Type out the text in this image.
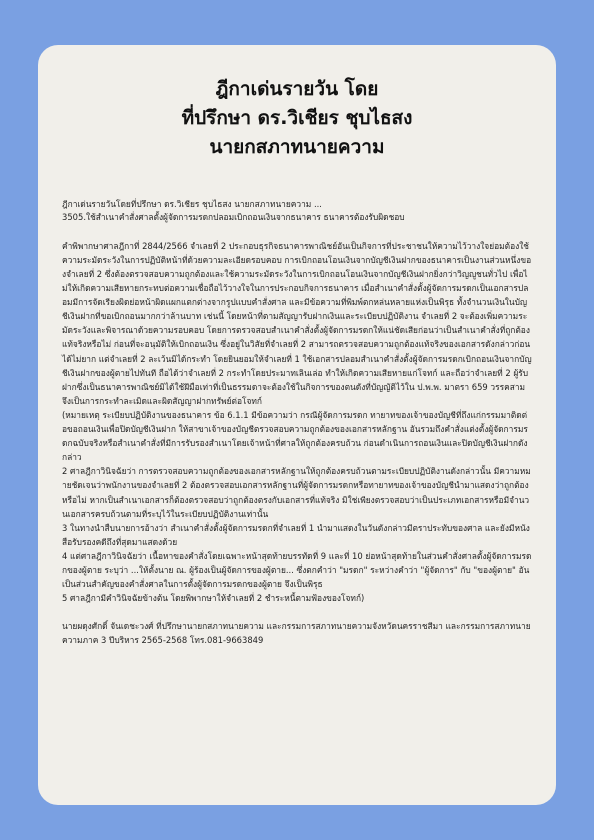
ฎีกาเด่นรายวัน โดย
ที่ปรึกษา ดร.วิเชียร ชุบไธสง
นายกสภาทนายความ
ฎีกาเด่นรายวันโดยที่ปรึกษา ดร.วิเชียร ชุบไธสง นายกสภาทนายความ ...
3505.ใช้สำเนาคำสั่งศาลตั้งผู้จัดการมรดกปลอมเบิกถอนเงินจากธนาคาร ธนาคารต้องรับผิดชอบ

คำพิพากษาศาลฎีกาที่ 2844/2566 จำเลยที่ 2 ประกอบธุรกิจธนาคารพาณิชย์อันเป็นกิจการที่ประชาชนให้ความไว้วางใจย่อมต้องใช้ความระมัดระวังในการปฏิบัติหน้าที่ด้วยความละเอียดรอบคอบ การเบิกถอนโอนเงินจากบัญชีเงินฝากของธนาคารเป็นงานส่วนหนึ่งของจำเลยที่ 2 ซึ่งต้องตรวจสอบความถูกต้องและใช้ความระมัดระวังในการเบิกถอนโอนเงินจากบัญชีเงินฝากยิ่งกว่าวิญญูชนทั่วไป เพื่อไม่ให้เกิดความเสียหายกระทบต่อความเชื่อถือไว้วางใจในการประกอบกิจการธนาคาร เมื่อสำเนาคำสั่งตั้งผู้จัดการมรดกเป็นเอกสารปลอมมีการจัดเรียงผิดย่อหน้าผิดแผกแตกต่างจากรูปแบบคำสั่งศาล และมีข้อความที่พิมพ์ตกหล่นหลายแห่งเป็นพิรุธ ทั้งจำนวนเงินในบัญชีเงินฝากที่ขอเบิกถอนมากกว่าล้านบาท เช่นนี้ โดยหน้าที่ตามสัญญารับฝากเงินและระเบียบปฏิบัติงาน จำเลยที่ 2 จะต้องเพิ่มความระมัดระวังและพิจารณาด้วยความรอบคอบ โดยการตรวจสอบสำเนาคำสั่งตั้งผู้จัดการมรดกให้แน่ชัดเสียก่อนว่าเป็นสำเนาคำสั่งที่ถูกต้องแท้จริงหรือไม่ ก่อนที่จะอนุมัติให้เบิกถอนเงิน ซึ่งอยู่ในวิสัยที่จำเลยที่ 2 สามารถตรวจสอบความถูกต้องแท้จริงของเอกสารดังกล่าวก่อนได้ไม่ยาก แต่จำเลยที่ 2 ละเว้นมิได้กระทำ โดยยินยอมให้จำเลยที่ 1 ใช้เอกสารปลอมสำเนาคำสั่งตั้งผู้จัดการมรดกเบิกถอนเงินจากบัญชีเงินฝากของผู้ตายไปทันที ถือได้ว่าจำเลยที่ 2 กระทำโดยประมาทเลินเล่อ ทำให้เกิดความเสียหายแก่โจทก์ และถือว่าจำเลยที่ 2 ผู้รับฝากซึ่งเป็นธนาคารพาณิชย์มิได้ใช้ฝีมือเท่าที่เป็นธรรมดาจะต้องใช้ในกิจการของตนดังที่บัญญัติไว้ใน ป.พ.พ. มาตรา 659 วรรคสาม จึงเป็นการกระทำละเมิดและผิดสัญญาฝากทรัพย์ต่อโจทก์

(หมายเหตุ ระเบียบปฏิบัติงานของธนาคาร ข้อ 6.1.1 มีข้อความว่า กรณีผู้จัดการมรดก ทายาทของเจ้าของบัญชีที่ถึงแก่กรรมมาติดต่อขอถอนเงินเพื่อปิดบัญชีเงินฝาก ให้สาขาเจ้าของบัญชีตรวจสอบความถูกต้องของเอกสารหลักฐาน อันรวมถึงคำสั่งแต่งตั้งผู้จัดการมรดกฉบับจริงหรือสำเนาคำสั่งที่มีการรับรองสำเนาโดยเจ้าหน้าที่ศาลให้ถูกต้องครบถ้วน ก่อนดำเนินการถอนเงินและปิดบัญชีเงินฝากดังกล่าว

2 ศาลฎีกาวินิจฉัยว่า การตรวจสอบความถูกต้องของเอกสารหลักฐานให้ถูกต้องครบถ้วนตามระเบียบปฏิบัติงานดังกล่าวนั้น มีความหมายชัดเจนว่าพนักงานของจำเลยที่ 2 ต้องตรวจสอบเอกสารหลักฐานที่ผู้จัดการมรดกหรือทายาทของเจ้าของบัญชีนำมาแสดงว่าถูกต้องหรือไม่ หากเป็นสำเนาเอกสารก็ต้องตรวจสอบว่าถูกต้องตรงกับเอกสารที่แท้จริง มิใช่เพียงตรวจสอบว่าเป็นประเภทเอกสารหรือมีจำนวนเอกสารครบถ้วนตามที่ระบุไว้ในระเบียบปฏิบัติงานเท่านั้น

3 ในทางนำสืบนายการอ้างว่า สำเนาคำสั่งตั้งผู้จัดการมรดกที่จำเลยที่ 1 นำมาแสดงในวันดังกล่าวมีตราประทับของศาล และยังมีหนังสือรับรองคดีถึงที่สุดมาแสดงด้วย

4 แต่ศาลฎีกาวินิจฉัยว่า เนื้อหาของคำสั่งโดยเฉพาะหน้าสุดท้ายบรรทัดที่ 9 และที่ 10 ย่อหน้าสุดท้ายในส่วนคำสั่งศาลตั้งผู้จัดการมรดกของผู้ตาย ระบุว่า ...ให้ตั้งนาย ณ. ผู้ร้องเป็นผู้จัดการของผู้ตาย... ซึ่งตกคำว่า "มรดก" ระหว่างคำว่า "ผู้จัดการ" กับ "ของผู้ตาย" อันเป็นส่วนสำคัญของคำสั่งศาลในการตั้งผู้จัดการมรดกของผู้ตาย จึงเป็นพิรุธ

5 ศาลฎีกามีคำวินิจฉัยข้างต้น โดยพิพากษาให้จำเลยที่ 2 ชำระหนี้ตามฟ้องของโจทก์)

นายผดุงศักดิ์ จันเดชะวงศ์ ที่ปรึกษานายกสภาทนายความ และกรรมการสภาทนายความจังหวัดนครราชสีมา และกรรมการสภาทนายความภาค 3 ปีบริหาร 2565-2568 โทร.081-9663849
